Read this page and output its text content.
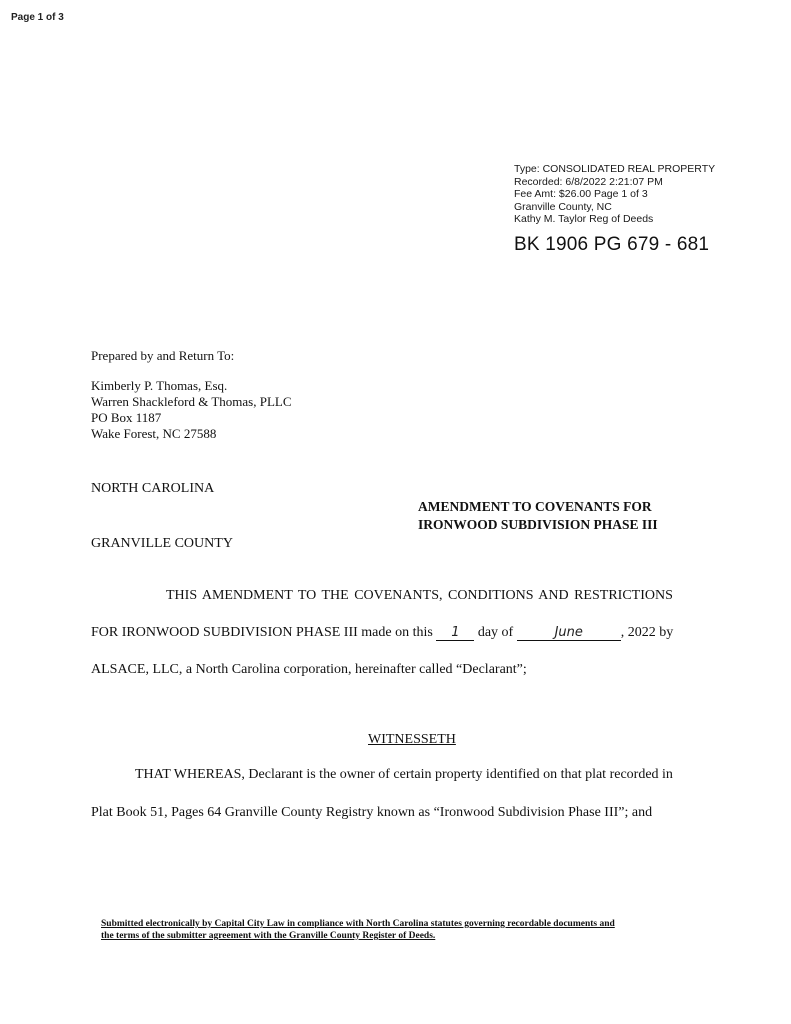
Page 1 of 3
Type: CONSOLIDATED REAL PROPERTY
Recorded: 6/8/2022 2:21:07 PM
Fee Amt: $26.00 Page 1 of 3
Granville County, NC
Kathy M. Taylor Reg of Deeds
BK 1906 PG 679 - 681
Prepared by and Return To:
Kimberly P. Thomas, Esq.
Warren Shackleford & Thomas, PLLC
PO Box 1187
Wake Forest, NC 27588
NORTH CAROLINA
GRANVILLE COUNTY
AMENDMENT TO COVENANTS FOR
IRONWOOD SUBDIVISION PHASE III
THIS AMENDMENT TO THE COVENANTS, CONDITIONS AND RESTRICTIONS
FOR IRONWOOD SUBDIVISION PHASE III made on this 1 day of	June	, 2022 by
ALSACE, LLC, a North Carolina corporation, hereinafter called “Declarant”;
WITNESSETH
THAT WHEREAS, Declarant is the owner of certain property identified on that plat recorded in
Plat Book 51, Pages 64 Granville County Registry known as “Ironwood Subdivision Phase III”; and
Submitted electronically by Capital City Law in compliance with North Carolina statutes governing recordable documents and
the terms of the submitter agreement with the Granville County Register of Deeds.
